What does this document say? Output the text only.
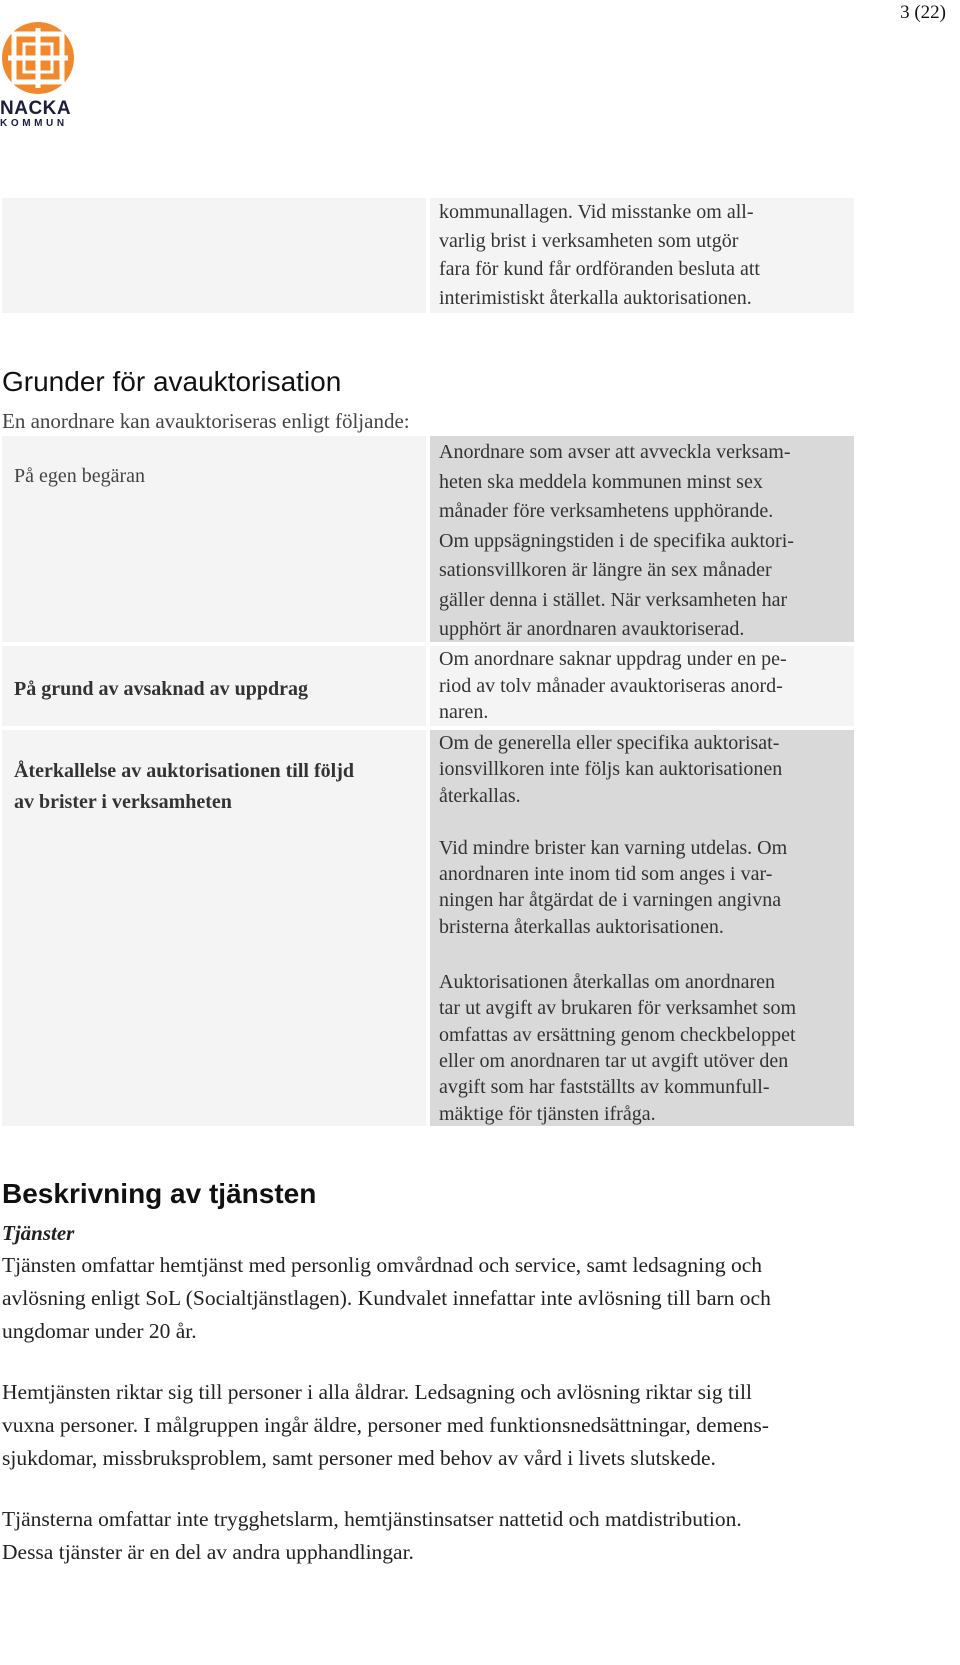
3 (22)
NACKA
KOMMUN
kommunallagen. Vid misstanke om all-
varlig brist i verksamheten som utgör
fara för kund får ordföranden besluta att
interimistiskt återkalla auktorisationen.
Grunder för avauktorisation
En anordnare kan avauktoriseras enligt följande:
På egen begäran
Anordnare som avser att avveckla verksam-
heten ska meddela kommunen minst sex
månader före verksamhetens upphörande.
Om uppsägningstiden i de specifika auktori-
sationsvillkoren är längre än sex månader
gäller denna i stället. När verksamheten har
upphört är anordnaren avauktoriserad.
På grund av avsaknad av uppdrag
Om anordnare saknar uppdrag under en pe-
riod av tolv månader avauktoriseras anord-
naren.
Återkallelse av auktorisationen till följd
av brister i verksamheten
Om de generella eller specifika auktorisat-
ionsvillkoren inte följs kan auktorisationen
återkallas.
Vid mindre brister kan varning utdelas. Om
anordnaren inte inom tid som anges i var-
ningen har åtgärdat de i varningen angivna
bristerna återkallas auktorisationen.
Auktorisationen återkallas om anordnaren
tar ut avgift av brukaren för verksamhet som
omfattas av ersättning genom checkbeloppet
eller om anordnaren tar ut avgift utöver den
avgift som har fastställts av kommunfull-
mäktige för tjänsten ifråga.
Beskrivning av tjänsten
Tjänster
Tjänsten omfattar hemtjänst med personlig omvårdnad och service, samt ledsagning och
avlösning enligt SoL (Socialtjänstlagen). Kundvalet innefattar inte avlösning till barn och
ungdomar under 20 år.
Hemtjänsten riktar sig till personer i alla åldrar. Ledsagning och avlösning riktar sig till
vuxna personer. I målgruppen ingår äldre, personer med funktionsnedsättningar, demens-
sjukdomar, missbruksproblem, samt personer med behov av vård i livets slutskede.
Tjänsterna omfattar inte trygghetslarm, hemtjänstinsatser nattetid och matdistribution.
Dessa tjänster är en del av andra upphandlingar.
